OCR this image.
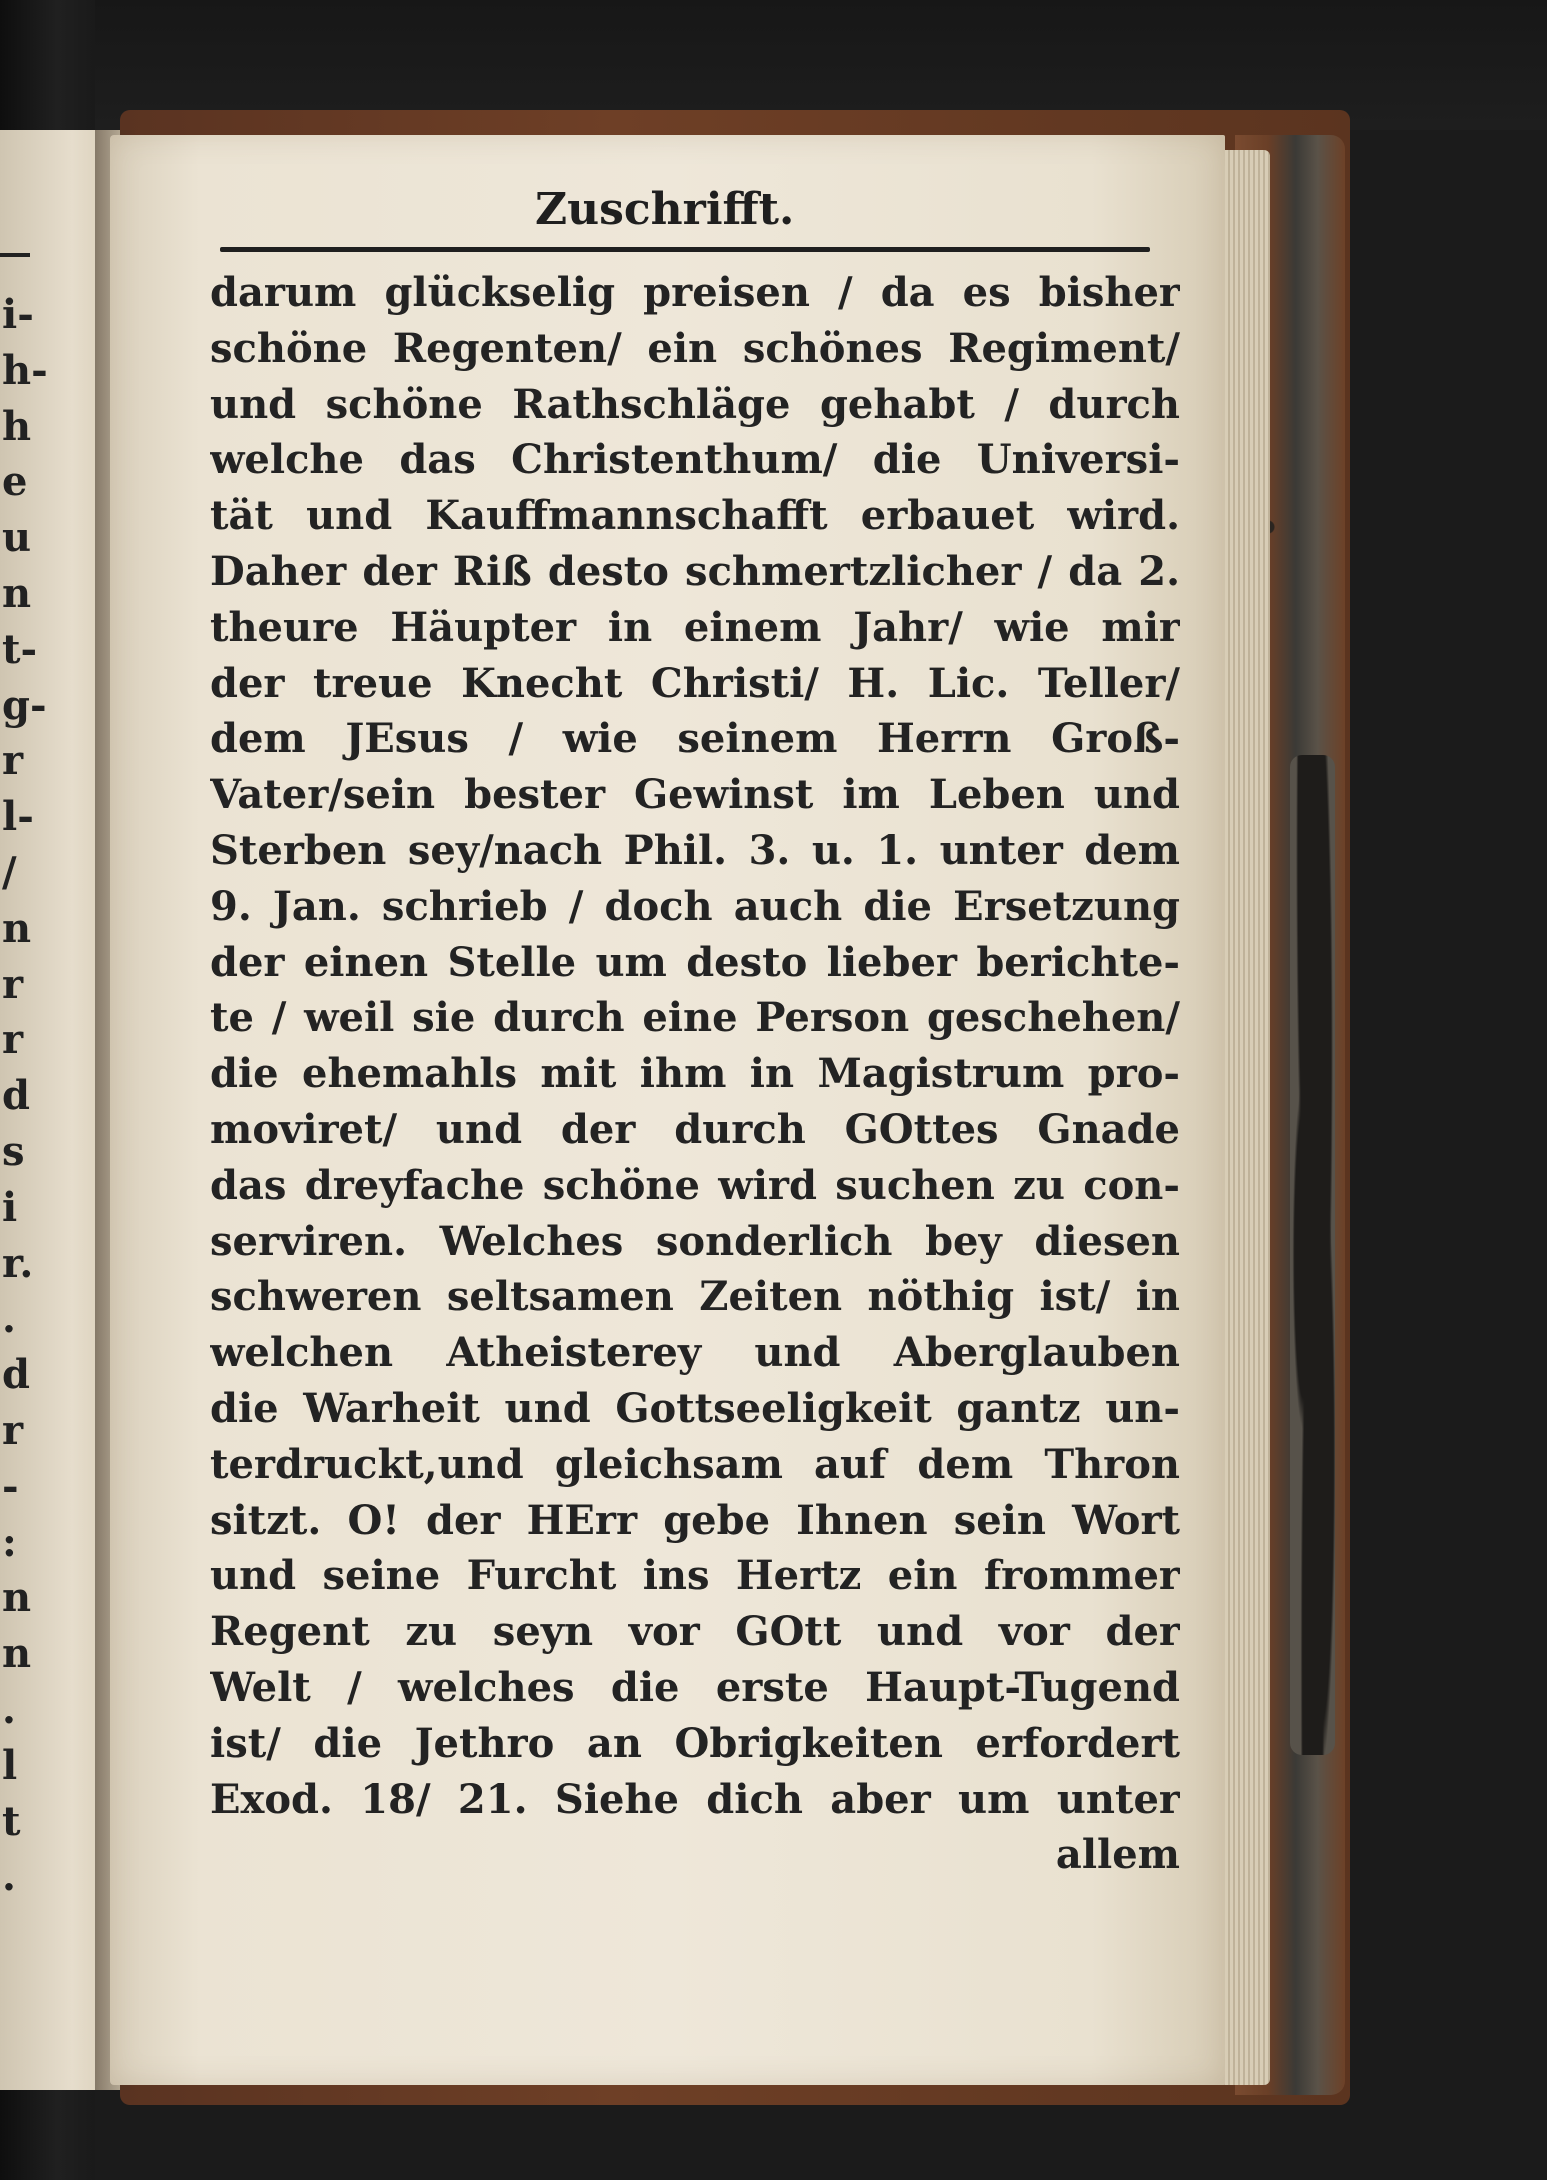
i-
h-
h
e
u
n
t-
g-
r
l-
/
n
r
r
d
s
i
r.
.
d
r
-
:
n
n
.
l
t
.
Zuschrifft.
darum glückselig preisen / da es bisher
schöne Regenten/ ein schönes Regiment/
und schöne Rathschläge gehabt / durch
welche das Christenthum/ die Universi-
tät und Kauffmannschafft erbauet wird.
Daher der Riß desto schmertzlicher / da 2.
theure Häupter in einem Jahr/ wie mir
der treue Knecht Christi/ H. Lic. Teller/
dem JEsus / wie seinem Herrn Groß-
Vater/sein bester Gewinst im Leben und
Sterben sey/nach Phil. 3. u. 1. unter dem
9. Jan. schrieb / doch auch die Ersetzung
der einen Stelle um desto lieber berichte-
te / weil sie durch eine Person geschehen/
die ehemahls mit ihm in Magistrum pro-
moviret/ und der durch GOttes Gnade
das dreyfache schöne wird suchen zu con-
serviren. Welches sonderlich bey diesen
schweren seltsamen Zeiten nöthig ist/ in
welchen Atheisterey und Aberglauben
die Warheit und Gottseeligkeit gantz un-
terdruckt,und gleichsam auf dem Thron
sitzt. O! der HErr gebe Ihnen sein Wort
und seine Furcht ins Hertz ein frommer
Regent zu seyn vor GOtt und vor der
Welt / welches die erste Haupt-Tugend
ist/ die Jethro an Obrigkeiten erfordert
Exod. 18/ 21. Siehe dich aber um unter
allem
